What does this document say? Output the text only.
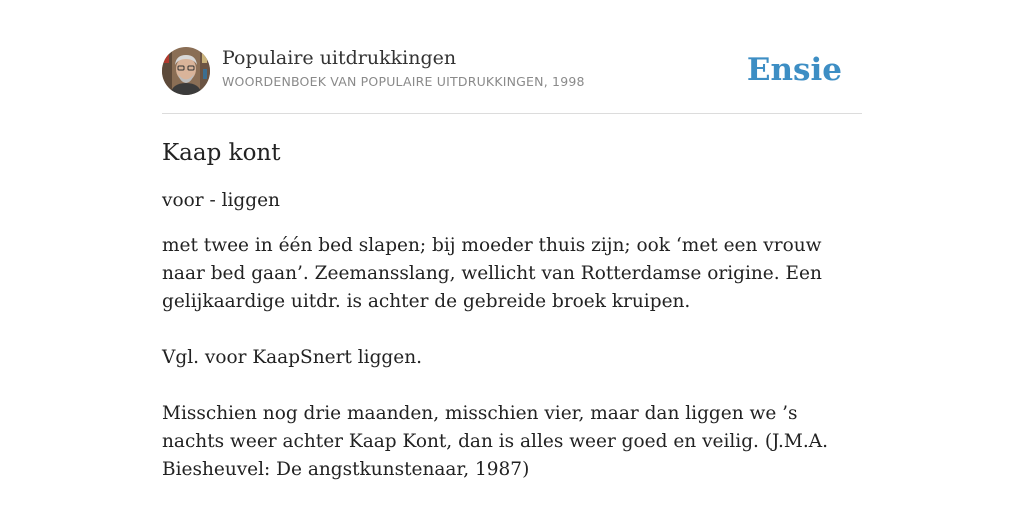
Populaire uitdrukkingen
WOORDENBOEK VAN POPULAIRE UITDRUKKINGEN, 1998	Ensie
Kaap kont
voor - liggen

met twee in één bed slapen; bij moeder thuis zijn; ook ‘met een vrouw naar bed gaan’. Zeemansslang, wellicht van Rotterdamse origine. Een gelijkaardige uitdr. is achter de gebreide broek kruipen.

Vgl. voor KaapSnert liggen.

Misschien nog drie maanden, misschien vier, maar dan liggen we ’s nachts weer achter Kaap Kont, dan is alles weer goed en veilig. (J.M.A. Biesheuvel: De angstkunstenaar, 1987)
